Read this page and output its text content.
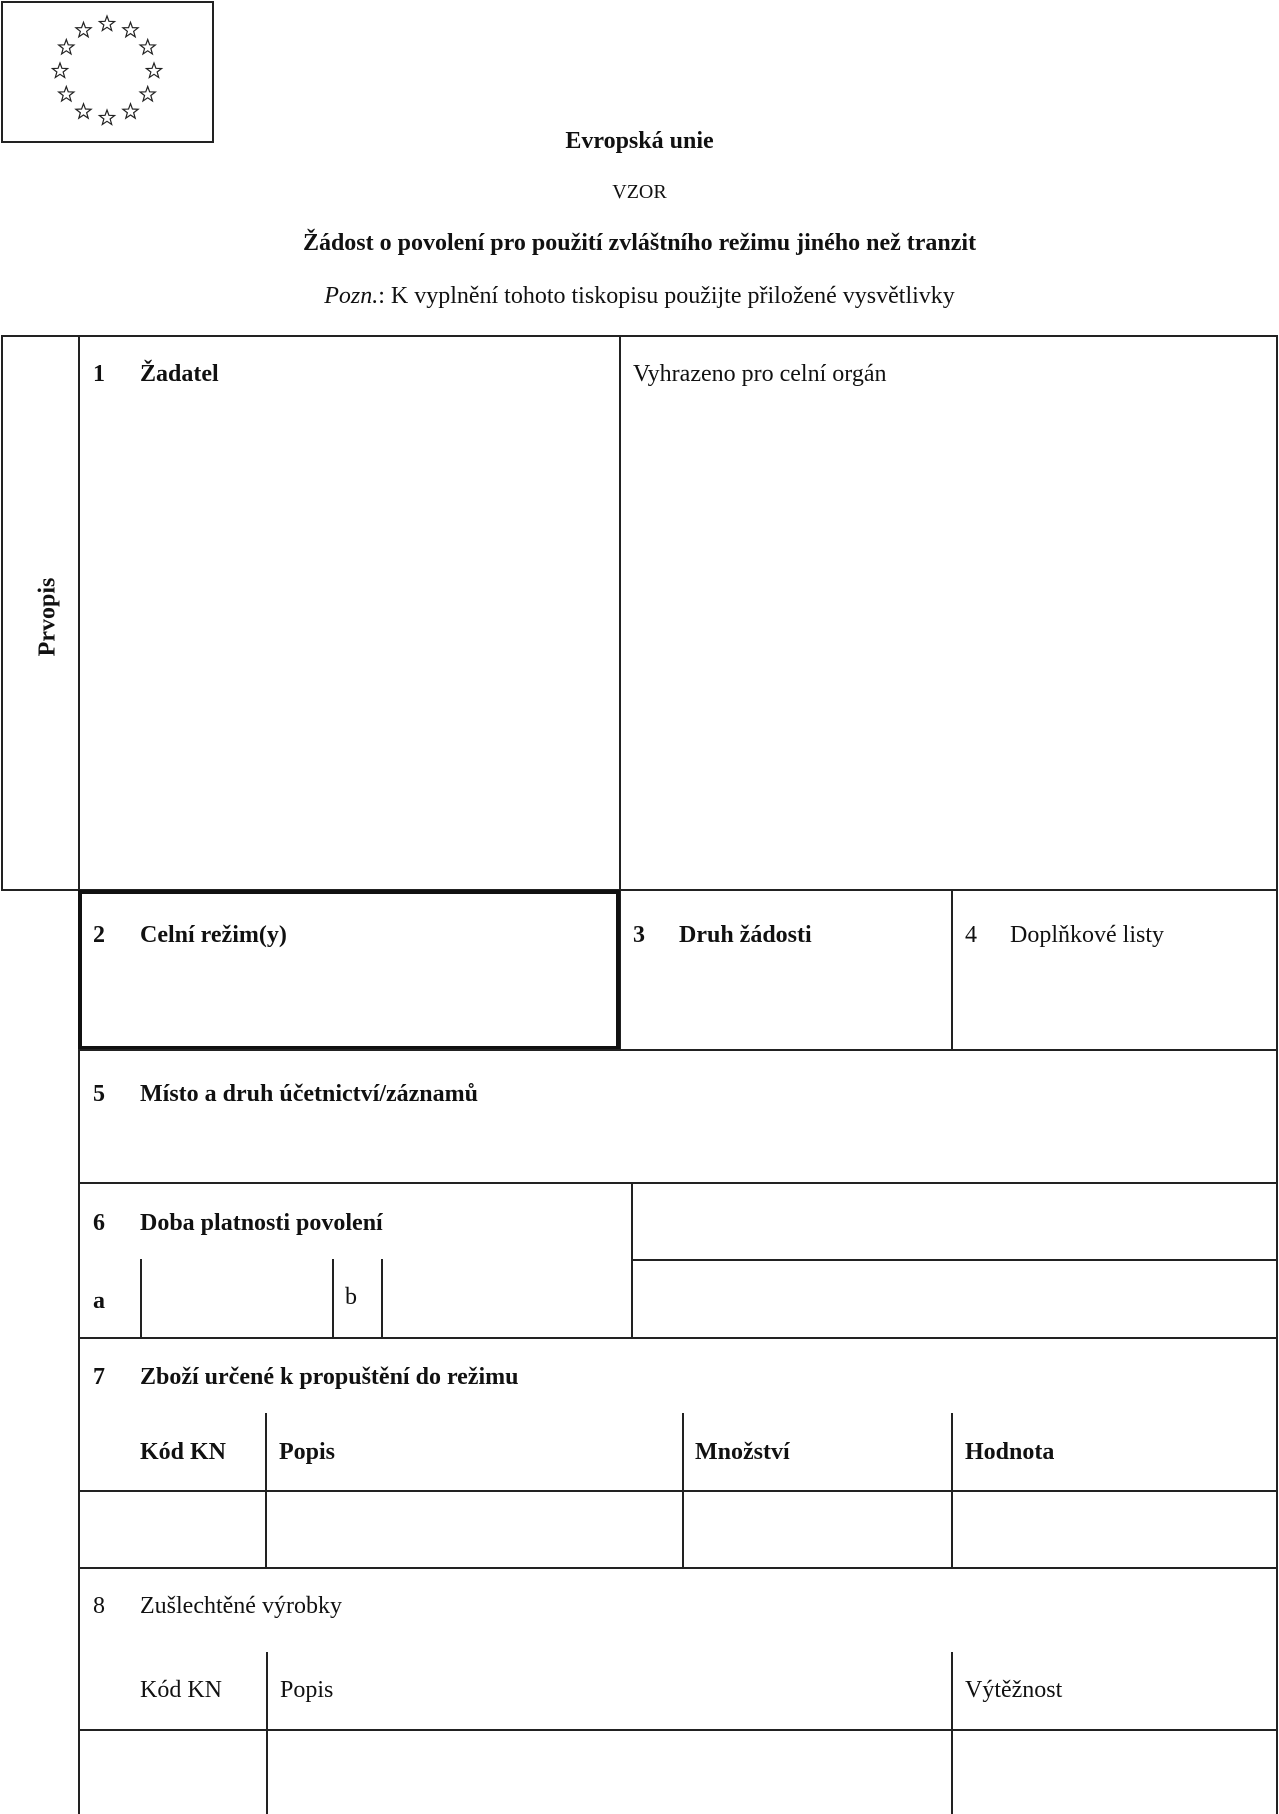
Evropská unie
VZOR
Žádost o povolení pro použití zvláštního režimu jiného než tranzit
Pozn.: K vyplnění tohoto tiskopisu použijte přiložené vysvětlivky
Prvopis
1 Žadatel	Vyhrazeno pro celní orgán
2 Celní režim(y)	3 Druh žádosti	4 Doplňkové listy
5 Místo a druh účetnictví/záznamů
6 Doba platnosti povolení
a	b
7 Zboží určené k propuštění do režimu
Kód KN Popis	Množství	Hodnota
8 Zušlechtěné výrobky
Kód KN Popis	Výtěžnost
